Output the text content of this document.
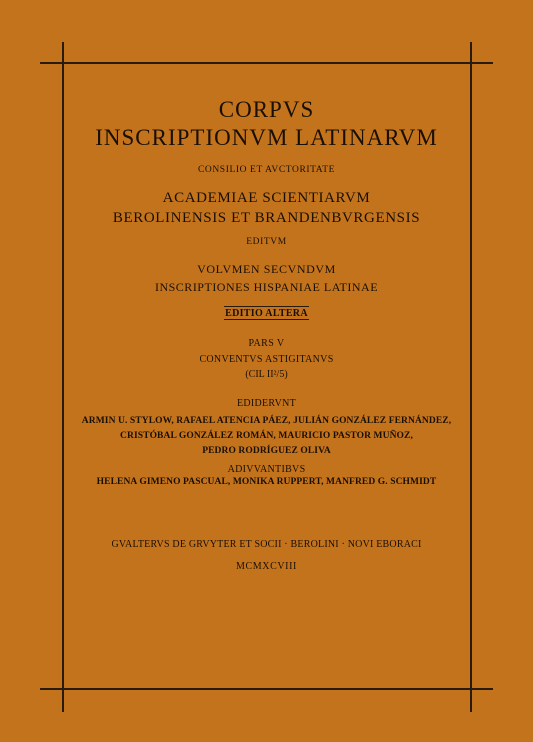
CORPVS
INSCRIPTIONVM LATINARVM
CONSILIO ET AVCTORITATE
ACADEMIAE SCIENTIARVM
BEROLINENSIS ET BRANDENBVRGENSIS
EDITVM
VOLVMEN SECVNDVM
INSCRIPTIONES HISPANIAE LATINAE
EDITIO ALTERA
PARS V
CONVENTVS ASTIGITANVS
(CIL II²/5)
EDIDERVNT
ARMIN U. STYLOW, RAFAEL ATENCIA PÁEZ, JULIÁN GONZÁLEZ FERNÁNDEZ,
CRISTÓBAL GONZÁLEZ ROMÁN, MAURICIO PASTOR MUÑOZ,
PEDRO RODRÍGUEZ OLIVA
ADIVVANTIBVS
HELENA GIMENO PASCUAL, MONIKA RUPPERT, MANFRED G. SCHMIDT
GVALTERVS DE GRVYTER ET SOCII · BEROLINI · NOVI EBORACI
MCMXCVIII
